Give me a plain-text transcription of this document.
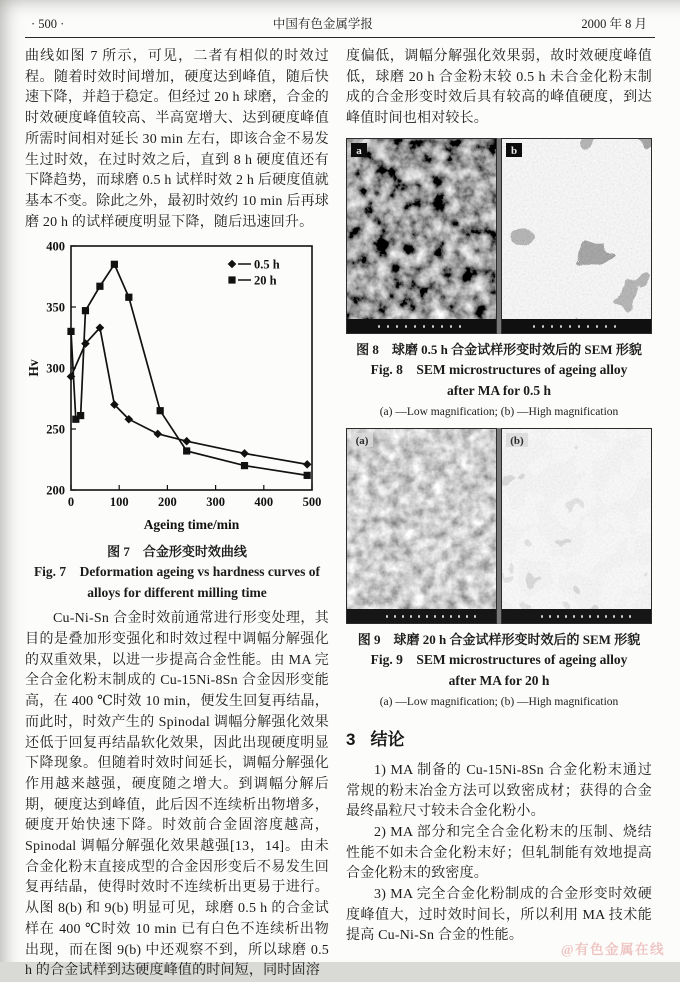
· 500 ·	中国有色金属学报	2000 年 8 月

曲线如图 7 所示，可见，二者有相似的时效过程。随着时效时间增加，硬度达到峰值，随后快速下降，并趋于稳定。但经过 20 h 球磨，合金的时效硬度峰值较高、半高宽增大、达到硬度峰值所需时间相对延长 30 min 左右，即该合金不易发生过时效，在过时效之后，直到 8 h 硬度值还有下降趋势，而球磨 0.5 h 试样时效 2 h 后硬度值就基本不变。除此之外，最初时效约 10 min 后再球磨 20 h 的试样硬度明显下降，随后迅速回升。

0	100 200 300 400 500
200
250
300
350
400
Hv
Ageing time/min
0.5 h
20 h
图 7　合金形变时效曲线
Fig. 7　Deformation ageing vs hardness curves of
alloys for different milling time

Cu-Ni-Sn 合金时效前通常进行形变处理，其目的是叠加形变强化和时效过程中调幅分解强化的双重效果，以进一步提高合金性能。由 MA 完全合金化粉末制成的 Cu-15Ni-8Sn 合金因形变能高，在 400 ℃时效 10 min，便发生回复再结晶，而此时，时效产生的 Spinodal 调幅分解强化效果还低于回复再结晶软化效果，因此出现硬度明显下降现象。但随着时效时间延长，调幅分解强化作用越来越强，硬度随之增大。到调幅分解后期，硬度达到峰值，此后因不连续析出物增多，硬度开始快速下降。时效前合金固溶度越高，Spinodal 调幅分解强化效果越强[13，14]。由未合金化粉末直接成型的合金因形变后不易发生回复再结晶，使得时效时不连续析出更易于进行。从图 8(b) 和 9(b) 明显可见，球磨 0.5 h 的合金试样在 400 ℃时效 10 min 已有白色不连续析出物出现，而在图 9(b) 中还观察不到，所以球磨 0.5 h 的合金试样到达硬度峰值的时间短，同时固溶

度偏低，调幅分解强化效果弱，故时效硬度峰值低，球磨 20 h 合金粉末较 0.5 h 未合金化粉末制成的合金形变时效后具有较高的峰值硬度，到达峰值时间也相对较长。

a	b
图 8　球磨 0.5 h 合金试样形变时效后的 SEM 形貌
Fig. 8　SEM microstructures of ageing alloy
after MA for 0.5 h
(a) —Low magnification; (b) —High magnification
(a)	(b)
图 9　球磨 20 h 合金试样形变时效后的 SEM 形貌
Fig. 9　SEM microstructures of ageing alloy
after MA for 20 h
(a) —Low magnification; (b) —High magnification
3 结论

1) MA 制备的 Cu-15Ni-8Sn 合金化粉末通过常规的粉末冶金方法可以致密成材；获得的合金最终晶粒尺寸较未合金化粉小。

2) MA 部分和完全合金化粉末的压制、烧结性能不如未合金化粉末好；但轧制能有效地提高合金化粉末的致密度。

3) MA 完全合金化粉制成的合金形变时效硬度峰值大，过时效时间长，所以利用 MA 技术能提高 Cu-Ni-Sn 合金的性能。

@有色金属在线
